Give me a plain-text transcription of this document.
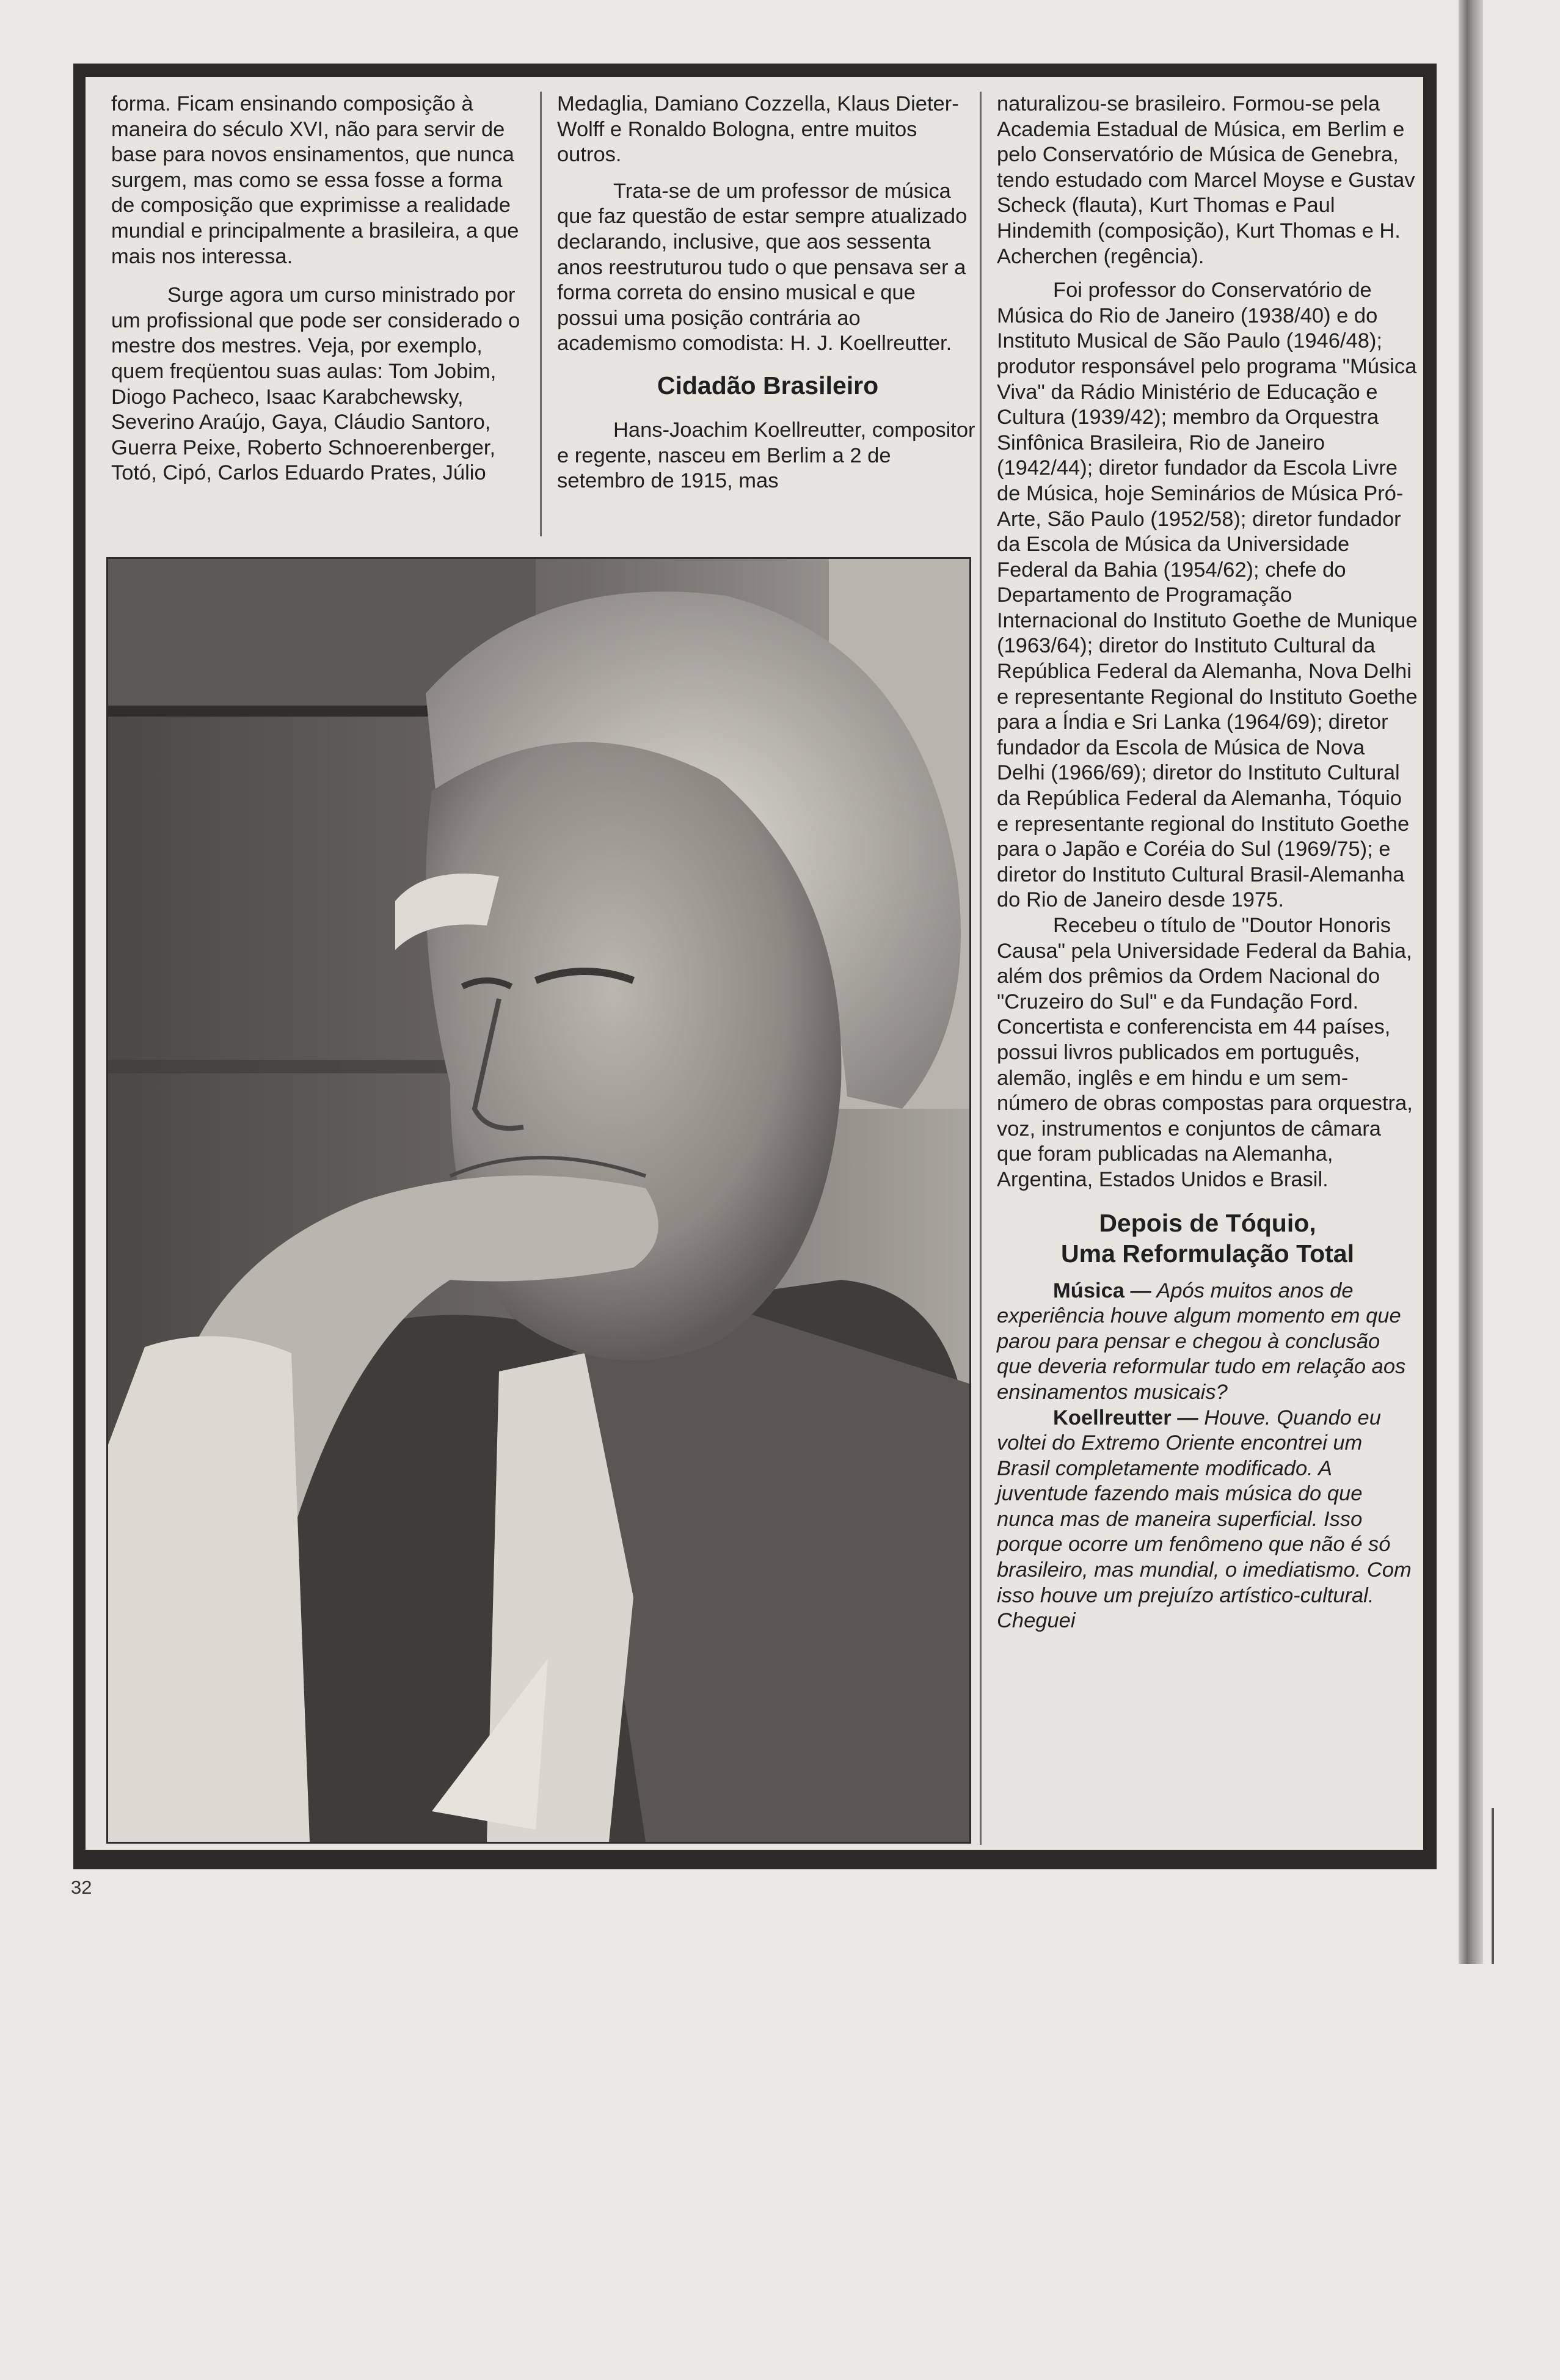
forma. Ficam ensinando composição à maneira do século XVI, não para servir de base para novos ensinamentos, que nunca surgem, mas como se essa fosse a forma de composição que exprimisse a realidade mundial e principalmente a brasileira, a que mais nos interessa.

Surge agora um curso ministrado por um profissional que pode ser considerado o mestre dos mestres. Veja, por exemplo, quem freqüentou suas aulas: Tom Jobim, Diogo Pacheco, Isaac Karabchewsky, Severino Araújo, Gaya, Cláudio Santoro, Guerra Peixe, Roberto Schnoerenberger, Totó, Cipó, Carlos Eduardo Prates, Júlio

Medaglia, Damiano Cozzella, Klaus Dieter-Wolff e Ronaldo Bologna, entre muitos outros.

Trata-se de um professor de música que faz questão de estar sempre atualizado declarando, inclusive, que aos sessenta anos reestruturou tudo o que pensava ser a forma correta do ensino musical e que possui uma posição contrária ao academismo comodista: H. J. Koellreutter.

Cidadão Brasileiro

Hans-Joachim Koellreutter, compositor e regente, nasceu em Berlim a 2 de setembro de 1915, mas

naturalizou-se brasileiro. Formou-se pela Academia Estadual de Música, em Berlim e pelo Conservatório de Música de Genebra, tendo estudado com Marcel Moyse e Gustav Scheck (flauta), Kurt Thomas e Paul Hindemith (composição), Kurt Thomas e H. Acherchen (regência).

Foi professor do Conservatório de Música do Rio de Janeiro (1938/40) e do Instituto Musical de São Paulo (1946/48); produtor responsável pelo programa "Música Viva" da Rádio Ministério de Educação e Cultura (1939/42); membro da Orquestra Sinfônica Brasileira, Rio de Janeiro (1942/44); diretor fundador da Escola Livre de Música, hoje Seminários de Música Pró-Arte, São Paulo (1952/58); diretor fundador da Escola de Música da Universidade Federal da Bahia (1954/62); chefe do Departamento de Programação Internacional do Instituto Goethe de Munique (1963/64); diretor do Instituto Cultural da República Federal da Alemanha, Nova Delhi e representante Regional do Instituto Goethe para a Índia e Sri Lanka (1964/69); diretor fundador da Escola de Música de Nova Delhi (1966/69); diretor do Instituto Cultural da República Federal da Alemanha, Tóquio e representante regional do Instituto Goethe para o Japão e Coréia do Sul (1969/75); e diretor do Instituto Cultural Brasil-Alemanha do Rio de Janeiro desde 1975.

Recebeu o título de "Doutor Honoris Causa" pela Universidade Federal da Bahia, além dos prêmios da Ordem Nacional do "Cruzeiro do Sul" e da Fundação Ford. Concertista e conferencista em 44 países, possui livros publicados em português, alemão, inglês e em hindu e um sem-número de obras compostas para orquestra, voz, instrumentos e conjuntos de câmara que foram publicadas na Alemanha, Argentina, Estados Unidos e Brasil.

Depois de Tóquio,
Uma Reformulação Total

Música — Após muitos anos de experiência houve algum momento em que parou para pensar e chegou à conclusão que deveria reformular tudo em relação aos ensinamentos musicais?

Koellreutter — Houve. Quando eu voltei do Extremo Oriente encontrei um Brasil completamente modificado. A juventude fazendo mais música do que nunca mas de maneira superficial. Isso porque ocorre um fenômeno que não é só brasileiro, mas mundial, o imediatismo. Com isso houve um prejuízo artístico-cultural. Cheguei

32
